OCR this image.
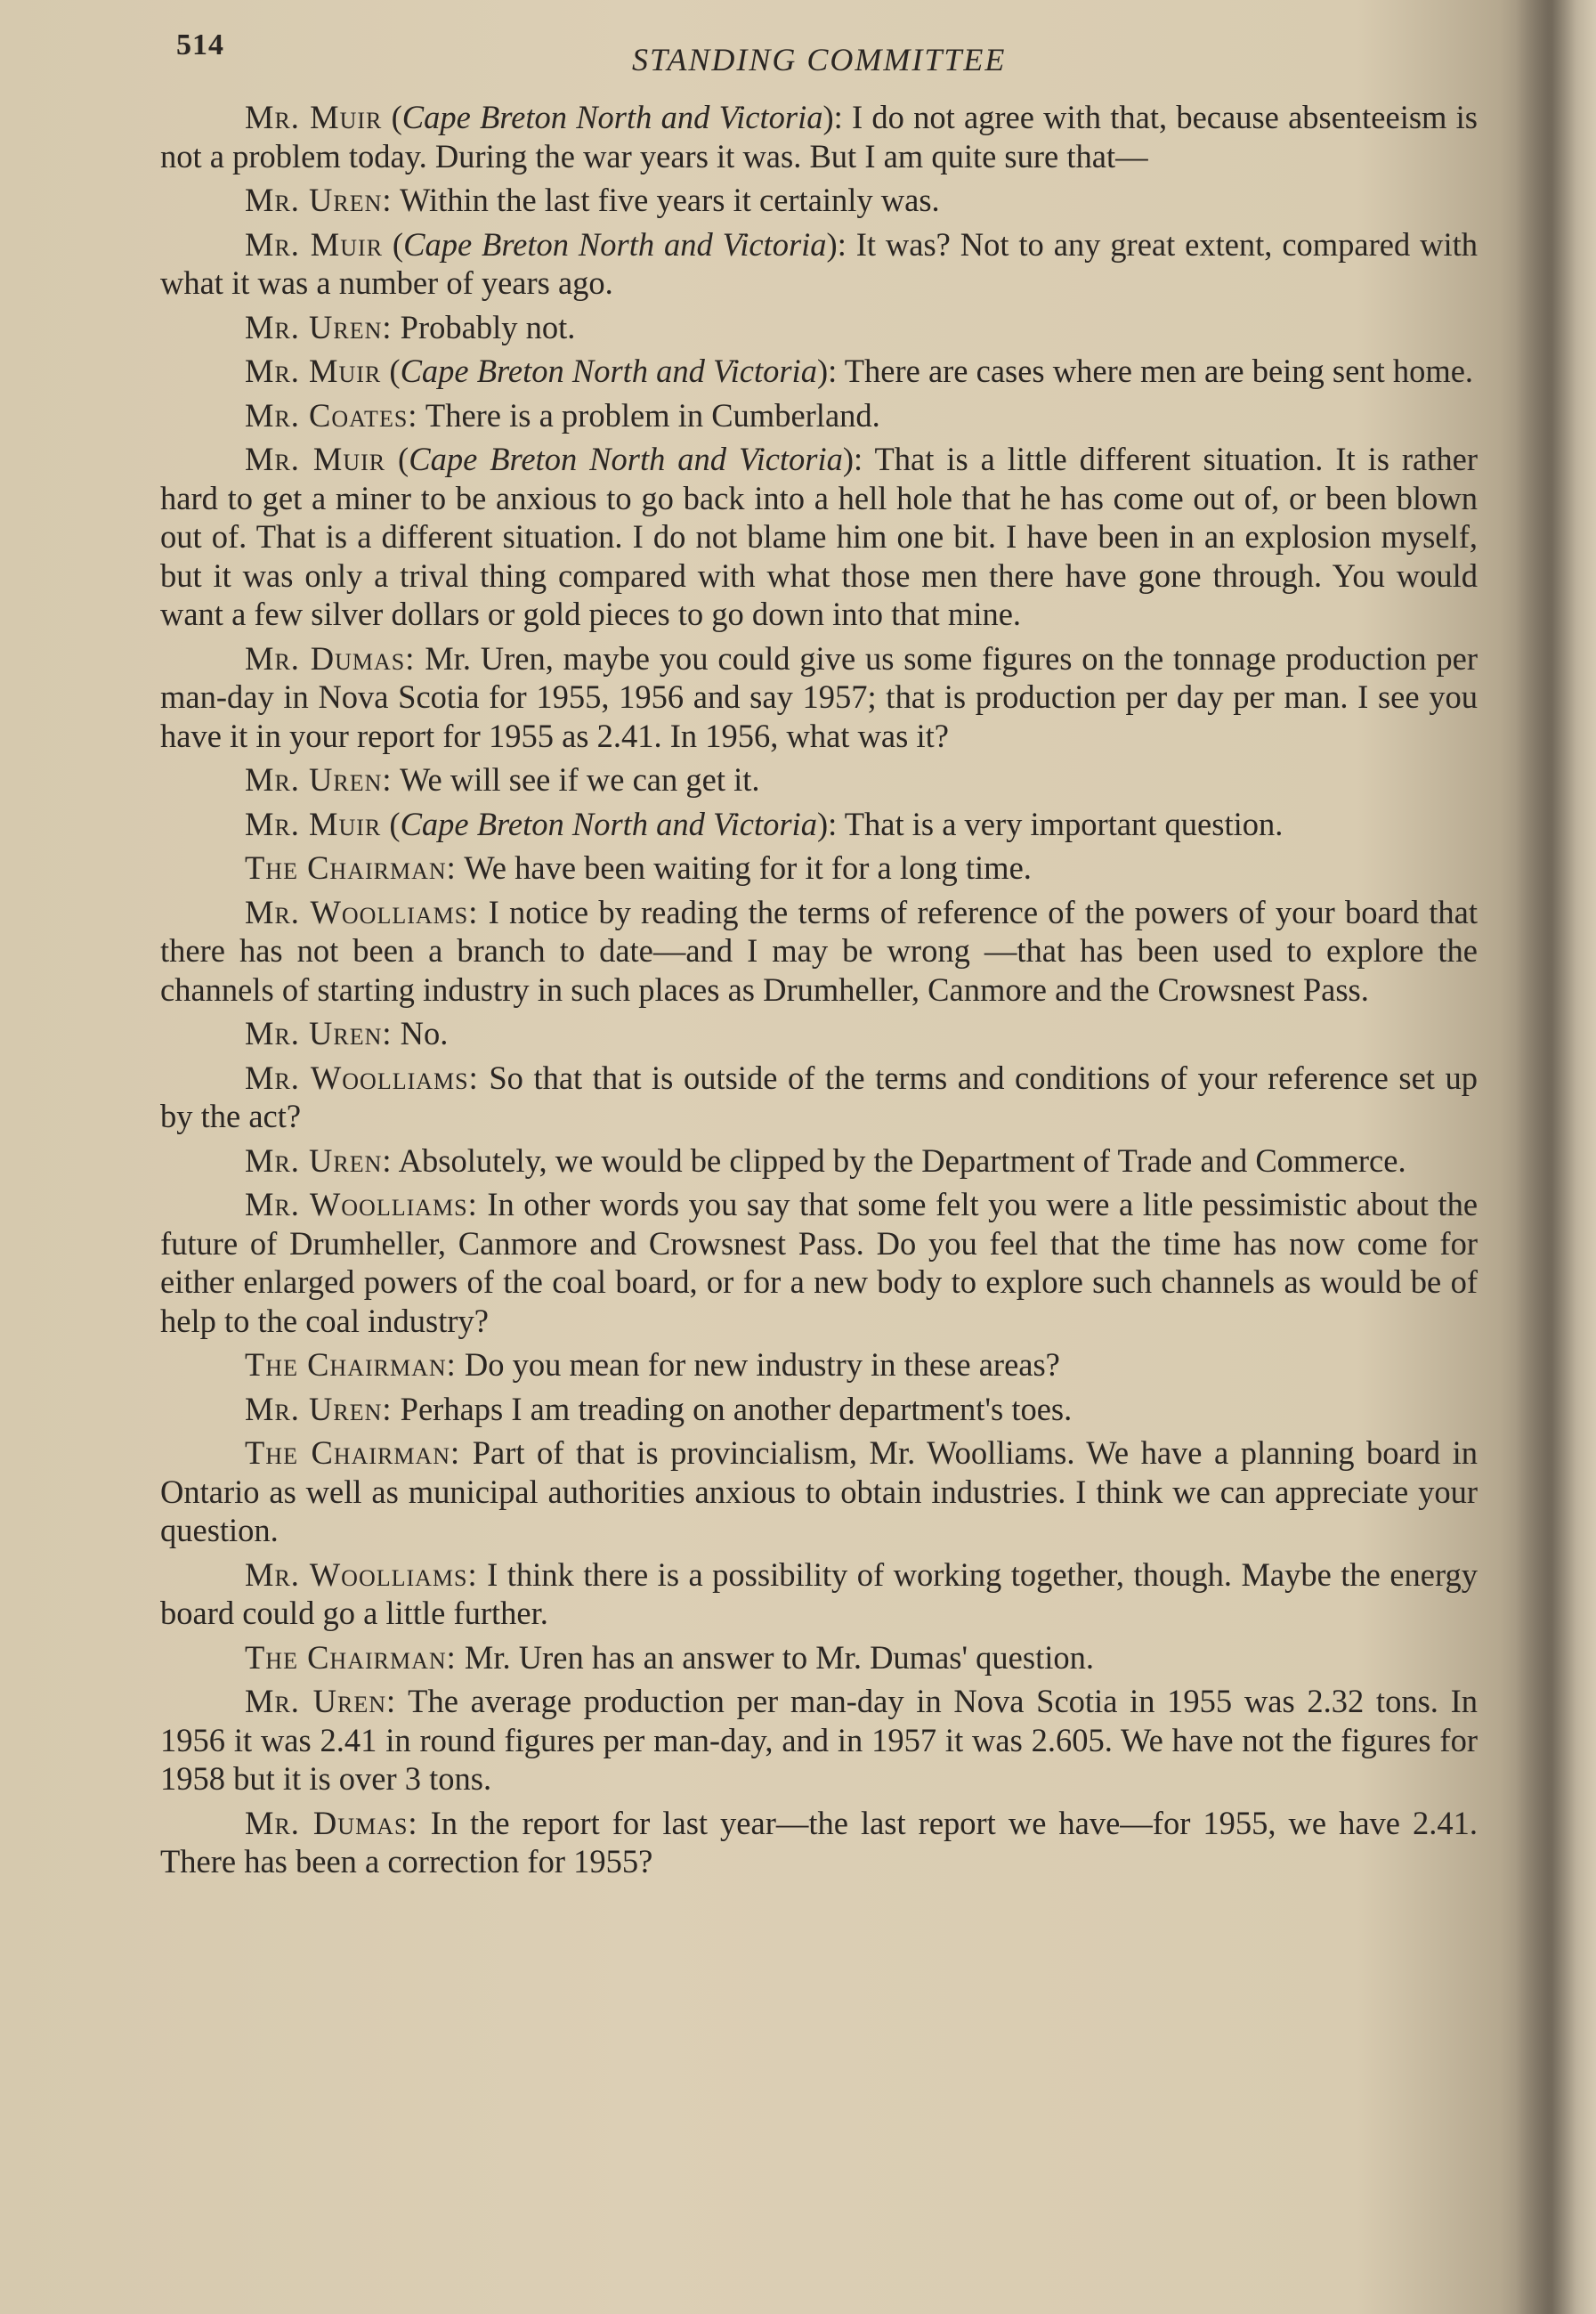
514	STANDING COMMITTEE

Mr. Muir (Cape Breton North and Victoria): I do not agree with that, because absenteeism is not a problem today. During the war years it was. But I am quite sure that—

Mr. Uren: Within the last five years it certainly was.

Mr. Muir (Cape Breton North and Victoria): It was? Not to any great extent, compared with what it was a number of years ago.

Mr. Uren: Probably not.

Mr. Muir (Cape Breton North and Victoria): There are cases where men are being sent home.

Mr. Coates: There is a problem in Cumberland.

Mr. Muir (Cape Breton North and Victoria): That is a little different situation. It is rather hard to get a miner to be anxious to go back into a hell hole that he has come out of, or been blown out of. That is a different situation. I do not blame him one bit. I have been in an explosion myself, but it was only a trival thing compared with what those men there have gone through. You would want a few silver dollars or gold pieces to go down into that mine.

Mr. Dumas: Mr. Uren, maybe you could give us some figures on the tonnage production per man-day in Nova Scotia for 1955, 1956 and say 1957; that is production per day per man. I see you have it in your report for 1955 as 2.41. In 1956, what was it?

Mr. Uren: We will see if we can get it.

Mr. Muir (Cape Breton North and Victoria): That is a very important question.

The Chairman: We have been waiting for it for a long time.

Mr. Woolliams: I notice by reading the terms of reference of the powers of your board that there has not been a branch to date—and I may be wrong —that has been used to explore the channels of starting industry in such places as Drumheller, Canmore and the Crowsnest Pass.

Mr. Uren: No.

Mr. Woolliams: So that that is outside of the terms and conditions of your reference set up by the act?

Mr. Uren: Absolutely, we would be clipped by the Department of Trade and Commerce.

Mr. Woolliams: In other words you say that some felt you were a litle pessimistic about the future of Drumheller, Canmore and Crowsnest Pass. Do you feel that the time has now come for either enlarged powers of the coal board, or for a new body to explore such channels as would be of help to the coal industry?

The Chairman: Do you mean for new industry in these areas?

Mr. Uren: Perhaps I am treading on another department's toes.

The Chairman: Part of that is provincialism, Mr. Woolliams. We have a planning board in Ontario as well as municipal authorities anxious to obtain industries. I think we can appreciate your question.

Mr. Woolliams: I think there is a possibility of working together, though. Maybe the energy board could go a little further.

The Chairman: Mr. Uren has an answer to Mr. Dumas' question.

Mr. Uren: The average production per man-day in Nova Scotia in 1955 was 2.32 tons. In 1956 it was 2.41 in round figures per man-day, and in 1957 it was 2.605. We have not the figures for 1958 but it is over 3 tons.

Mr. Dumas: In the report for last year—the last report we have—for 1955, we have 2.41. There has been a correction for 1955?
